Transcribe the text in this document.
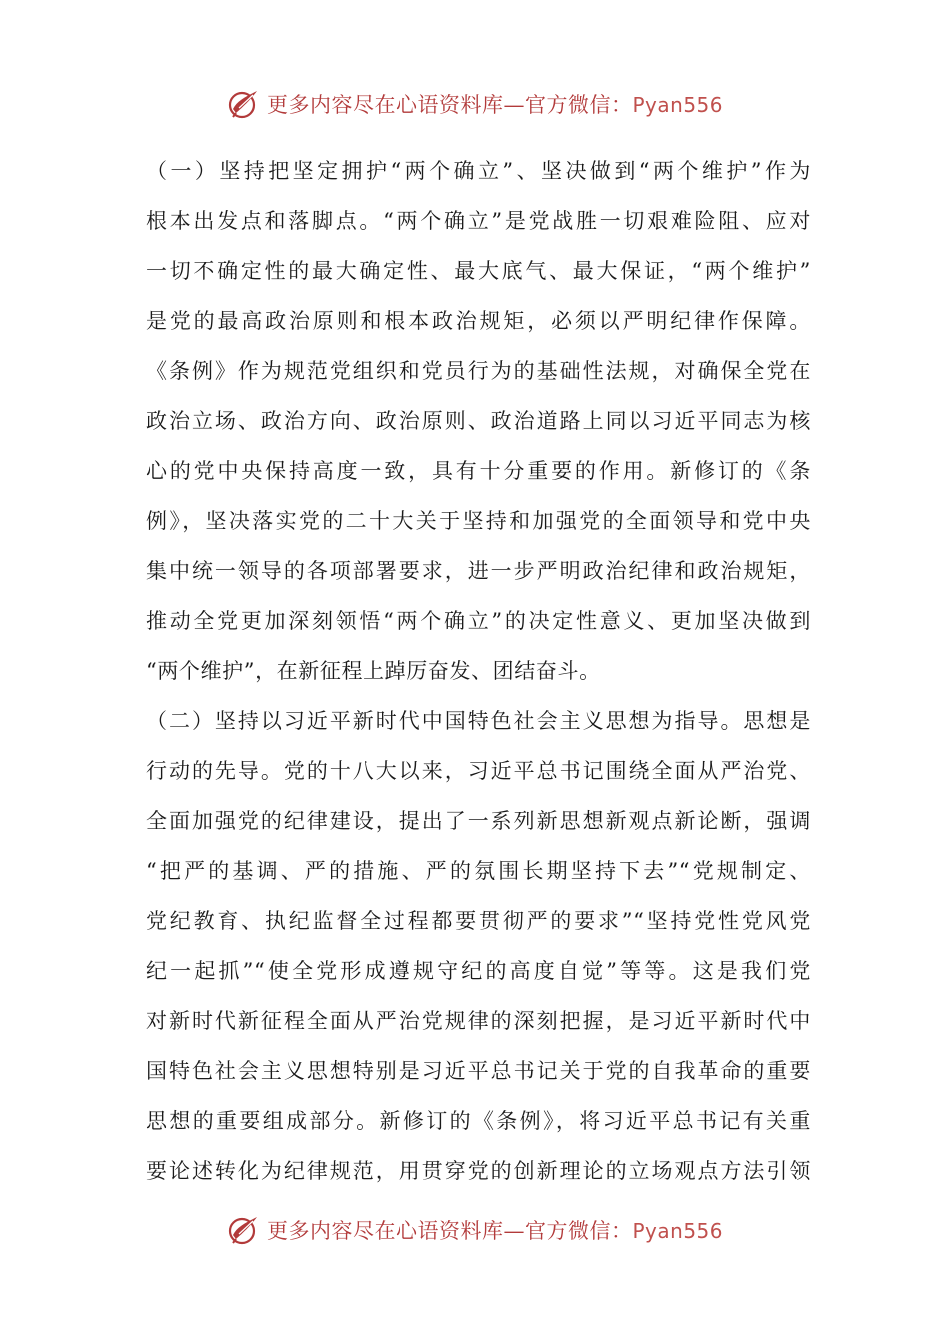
更多内容尽在心语资料库—官方微信：Pyan556
（一）坚持把坚定拥护“两个确立”、坚决做到“两个维护”作为
根本出发点和落脚点。“两个确立”是党战胜一切艰难险阻、应对
一切不确定性的最大确定性、最大底气、最大保证，“两个维护”
是党的最高政治原则和根本政治规矩，必须以严明纪律作保障。
《条例》作为规范党组织和党员行为的基础性法规，对确保全党在
政治立场、政治方向、政治原则、政治道路上同以习近平同志为核
心的党中央保持高度一致，具有十分重要的作用。新修订的《条
例》，坚决落实党的二十大关于坚持和加强党的全面领导和党中央
集中统一领导的各项部署要求，进一步严明政治纪律和政治规矩，
推动全党更加深刻领悟“两个确立”的决定性意义、更加坚决做到
“两个维护”，在新征程上踔厉奋发、团结奋斗。
（二）坚持以习近平新时代中国特色社会主义思想为指导。思想是
行动的先导。党的十八大以来，习近平总书记围绕全面从严治党、
全面加强党的纪律建设，提出了一系列新思想新观点新论断，强调
“把严的基调、严的措施、严的氛围长期坚持下去”“党规制定、
党纪教育、执纪监督全过程都要贯彻严的要求”“坚持党性党风党
纪一起抓”“使全党形成遵规守纪的高度自觉”等等。这是我们党
对新时代新征程全面从严治党规律的深刻把握，是习近平新时代中
国特色社会主义思想特别是习近平总书记关于党的自我革命的重要
思想的重要组成部分。新修订的《条例》，将习近平总书记有关重
要论述转化为纪律规范，用贯穿党的创新理论的立场观点方法引领
更多内容尽在心语资料库—官方微信：Pyan556
